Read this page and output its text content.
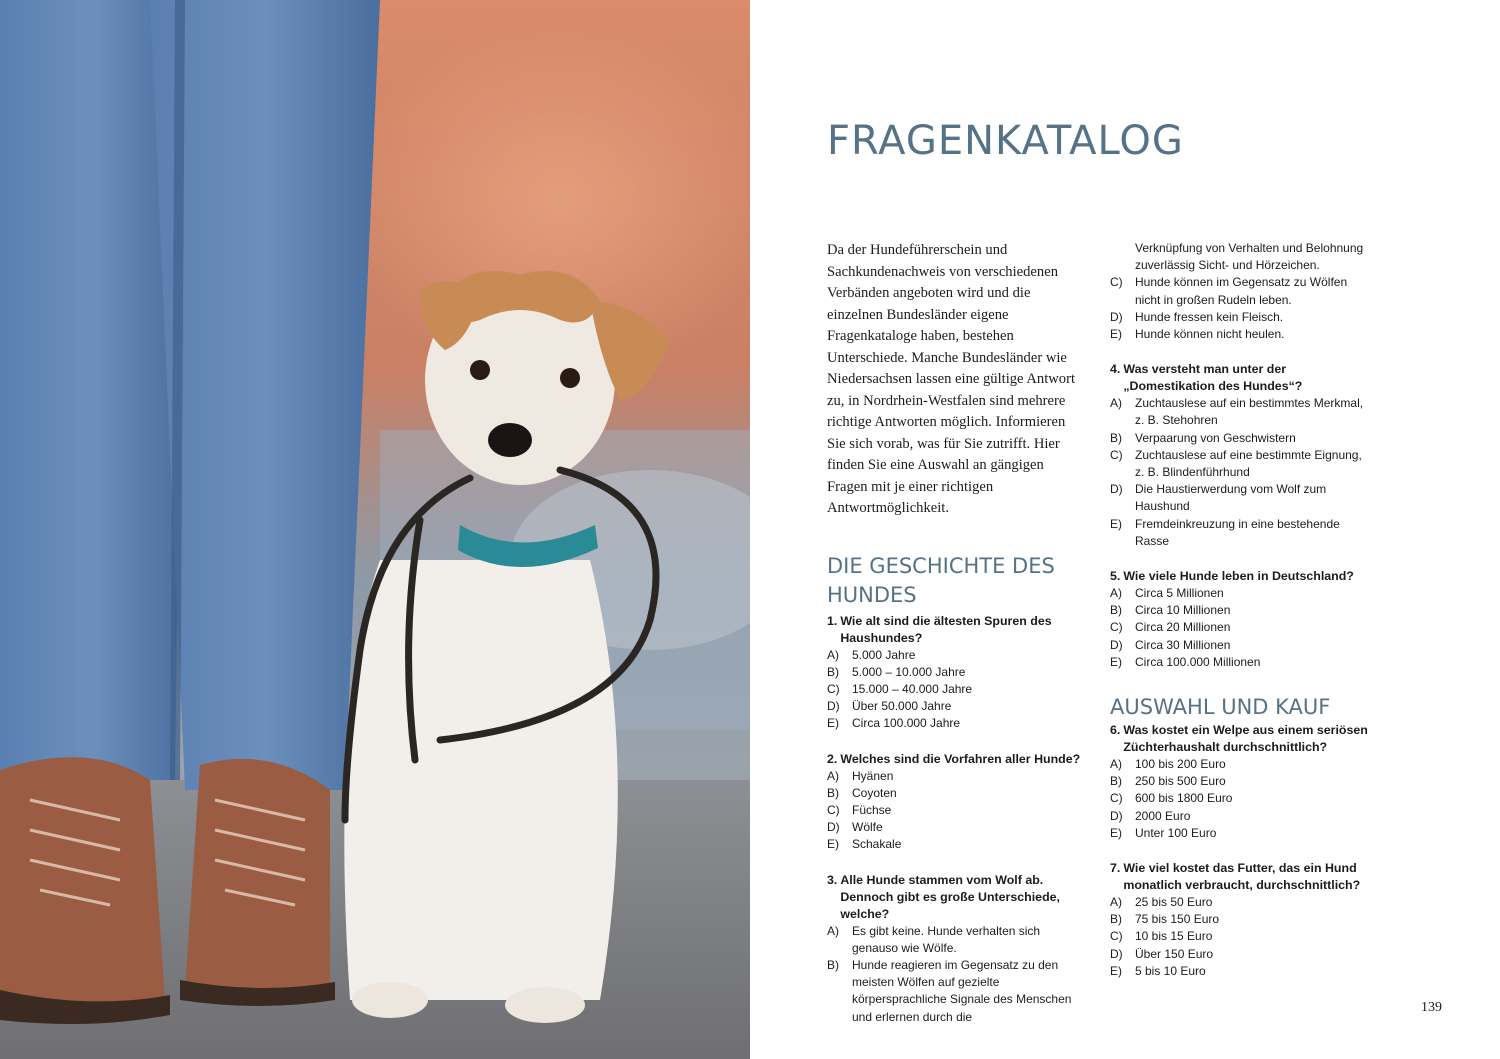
FRAGENKATALOG

Da der Hundeführerschein und Sachkundenachweis von verschiedenen Verbänden angeboten wird und die einzelnen Bundesländer eigene Fragenkataloge haben, bestehen Unterschiede. Manche Bundesländer wie Niedersachsen lassen eine gültige Antwort zu, in Nordrhein-Westfalen sind mehrere richtige Antworten möglich. Informieren Sie sich vorab, was für Sie zutrifft. Hier finden Sie eine Auswahl an gängigen Fragen mit je einer richtigen Antwortmöglichkeit.

DIE GESCHICHTE DES HUNDES
1. Wie alt sind die ältesten Spuren des Haushundes?
A)	5.000 Jahre
B)	5.000 – 10.000 Jahre
C)	15.000 – 40.000 Jahre
D)	Über 50.000 Jahre
E)	Circa 100.000 Jahre
2. Welches sind die Vorfahren aller Hunde?
A)	Hyänen
B)	Coyoten
C)	Füchse
D)	Wölfe
E)	Schakale
3. Alle Hunde stammen vom Wolf ab. Dennoch gibt es große Unterschiede, welche?
A)	Es gibt keine. Hunde verhalten sich genauso wie Wölfe.
B)	Hunde reagieren im Gegensatz zu den meisten Wölfen auf gezielte körpersprachliche Signale des Menschen und erlernen durch die
Verknüpfung von Verhalten und Belohnung zuverlässig Sicht- und Hörzeichen.
C)	Hunde können im Gegensatz zu Wölfen nicht in großen Rudeln leben.
D)	Hunde fressen kein Fleisch.
E)	Hunde können nicht heulen.
4. Was versteht man unter der „Domestikation des Hundes“?
A)	Zuchtauslese auf ein bestimmtes Merkmal, z. B. Stehohren
B)	Verpaarung von Geschwistern
C)	Zuchtauslese auf eine bestimmte Eignung, z. B. Blindenführhund
D)	Die Haustierwerdung vom Wolf zum Haushund
E)	Fremdeinkreuzung in eine bestehende Rasse
5. Wie viele Hunde leben in Deutschland?
A)	Circa 5 Millionen
B)	Circa 10 Millionen
C)	Circa 20 Millionen
D)	Circa 30 Millionen
E)	Circa 100.000 Millionen
AUSWAHL UND KAUF
6. Was kostet ein Welpe aus einem seriösen Züchterhaushalt durchschnittlich?
A)	100 bis 200 Euro
B)	250 bis 500 Euro
C)	600 bis 1800 Euro
D)	2000 Euro
E)	Unter 100 Euro
7. Wie viel kostet das Futter, das ein Hund monatlich verbraucht, durchschnittlich?
A)	25 bis 50 Euro
B)	75 bis 150 Euro
C)	10 bis 15 Euro
D)	Über 150 Euro
E)	5 bis 10 Euro
139
